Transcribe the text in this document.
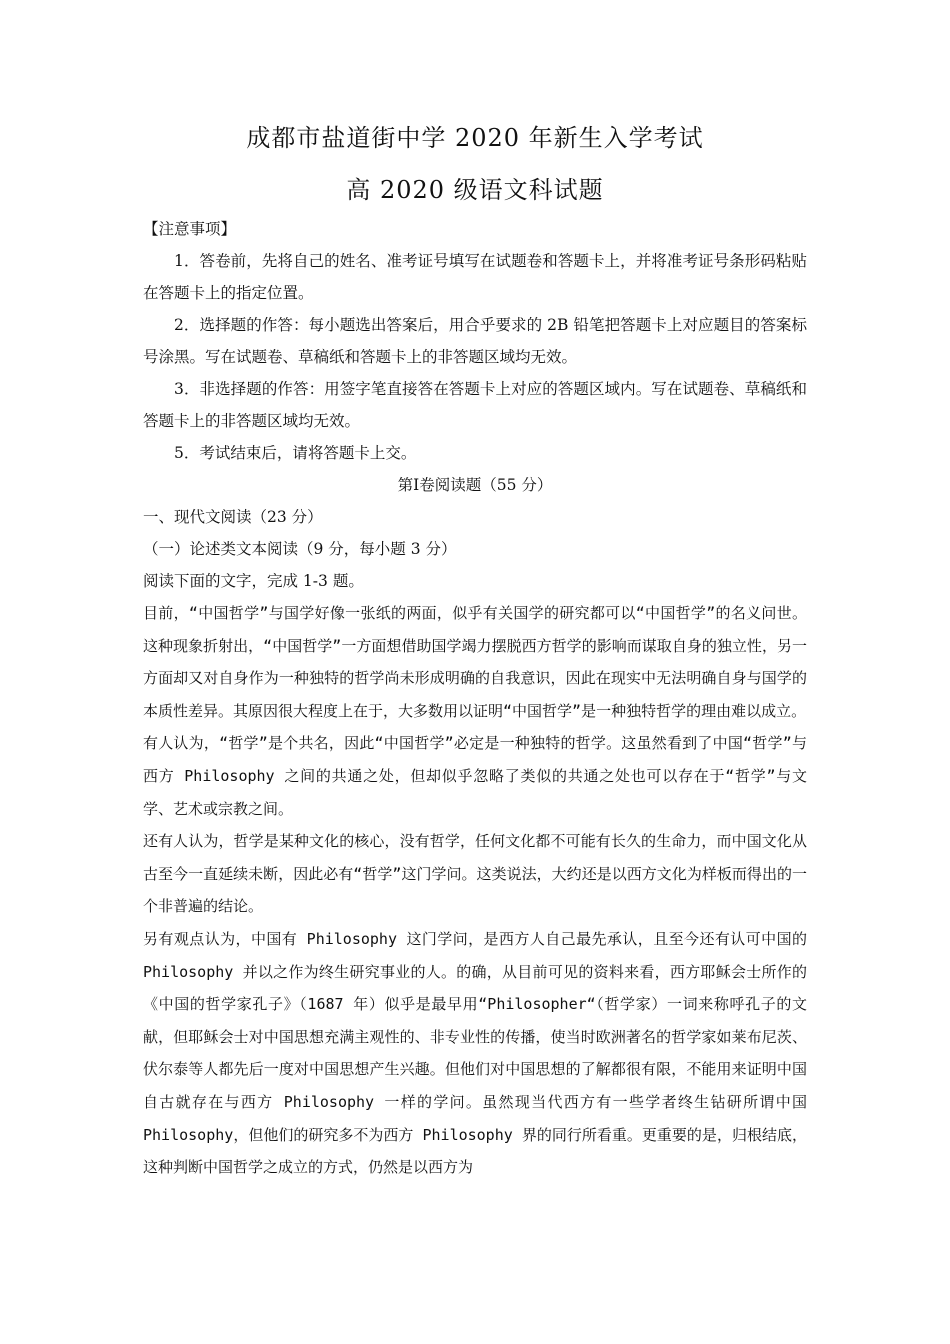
成都市盐道街中学 2020 年新生入学考试
高 2020 级语文科试题

【注意事项】

1．答卷前，先将自己的姓名、准考证号填写在试题卷和答题卡上，并将准考证号条形码粘贴在答题卡上的指定位置。

2．选择题的作答：每小题选出答案后，用合乎要求的 2B 铅笔把答题卡上对应题目的答案标号涂黑。写在试题卷、草稿纸和答题卡上的非答题区域均无效。

3．非选择题的作答：用签字笔直接答在答题卡上对应的答题区域内。写在试题卷、草稿纸和答题卡上的非答题区域均无效。

5．考试结束后，请将答题卡上交。

第Ⅰ卷阅读题（55 分）

一、现代文阅读（23 分）

（一）论述类文本阅读（9 分，每小题 3 分）

阅读下面的文字，完成 1-3 题。

目前，“中国哲学”与国学好像一张纸的两面，似乎有关国学的研究都可以“中国哲学”的名义问世。这种现象折射出，“中国哲学”一方面想借助国学竭力摆脱西方哲学的影响而谋取自身的独立性，另一方面却又对自身作为一种独特的哲学尚未形成明确的自我意识，因此在现实中无法明确自身与国学的本质性差异。其原因很大程度上在于，大多数用以证明“中国哲学”是一种独特哲学的理由难以成立。

有人认为，“哲学”是个共名，因此“中国哲学”必定是一种独特的哲学。这虽然看到了中国“哲学”与西方 Philosophy 之间的共通之处，但却似乎忽略了类似的共通之处也可以存在于“哲学”与文学、艺术或宗教之间。

还有人认为，哲学是某种文化的核心，没有哲学，任何文化都不可能有长久的生命力，而中国文化从古至今一直延续未断，因此必有“哲学”这门学问。这类说法，大约还是以西方文化为样板而得出的一个非普遍的结论。

另有观点认为，中国有 Philosophy 这门学问，是西方人自己最先承认，且至今还有认可中国的 Philosophy 并以之作为终生研究事业的人。的确，从目前可见的资料来看，西方耶稣会士所作的《中国的哲学家孔子》（1687 年）似乎是最早用“Philosopher“（哲学家）一词来称呼孔子的文献，但耶稣会士对中国思想充满主观性的、非专业性的传播，使当时欧洲著名的哲学家如莱布尼茨、伏尔泰等人都先后一度对中国思想产生兴趣。但他们对中国思想的了解都很有限，不能用来证明中国自古就存在与西方 Philosophy 一样的学问。虽然现当代西方有一些学者终生钻研所谓中国 Philosophy，但他们的研究多不为西方 Philosophy 界的同行所看重。更重要的是，归根结底，这种判断中国哲学之成立的方式，仍然是以西方为
